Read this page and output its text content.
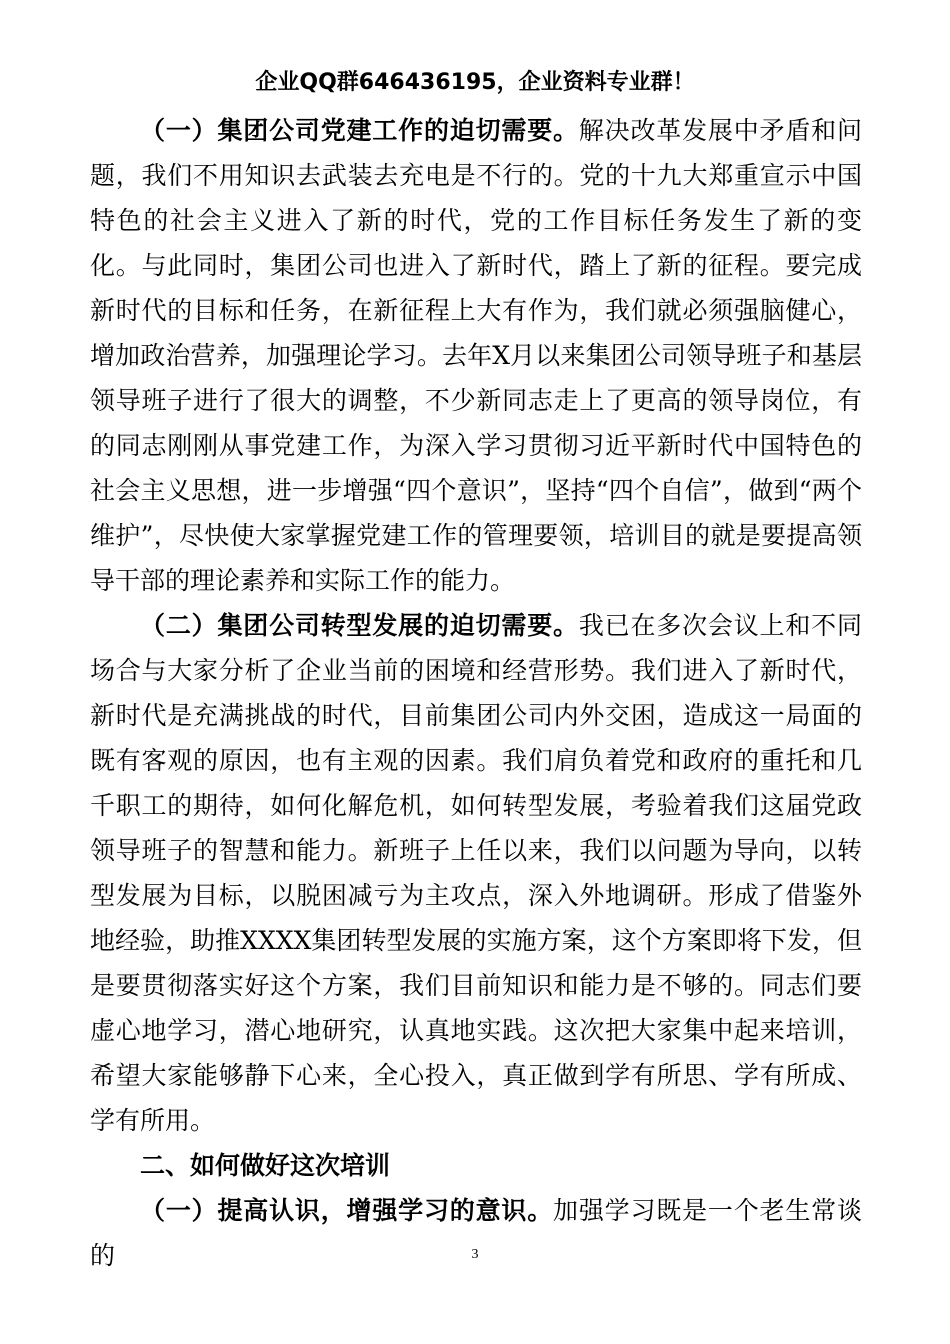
企业QQ群646436195，企业资料专业群！

（一）集团公司党建工作的迫切需要。解决改革发展中矛盾和问题，我们不用知识去武装去充电是不行的。党的十九大郑重宣示中国特色的社会主义进入了新的时代，党的工作目标任务发生了新的变化。与此同时，集团公司也进入了新时代，踏上了新的征程。要完成新时代的目标和任务，在新征程上大有作为，我们就必须强脑健心，增加政治营养，加强理论学习。去年X月以来集团公司领导班子和基层领导班子进行了很大的调整，不少新同志走上了更高的领导岗位，有的同志刚刚从事党建工作，为深入学习贯彻习近平新时代中国特色的社会主义思想，进一步增强“四个意识”，坚持“四个自信”，做到“两个维护”，尽快使大家掌握党建工作的管理要领，培训目的就是要提高领导干部的理论素养和实际工作的能力。

（二）集团公司转型发展的迫切需要。我已在多次会议上和不同场合与大家分析了企业当前的困境和经营形势。我们进入了新时代，新时代是充满挑战的时代，目前集团公司内外交困，造成这一局面的既有客观的原因，也有主观的因素。我们肩负着党和政府的重托和几千职工的期待，如何化解危机，如何转型发展，考验着我们这届党政领导班子的智慧和能力。新班子上任以来，我们以问题为导向，以转型发展为目标，以脱困减亏为主攻点，深入外地调研。形成了借鉴外地经验，助推XXXX集团转型发展的实施方案，这个方案即将下发，但是要贯彻落实好这个方案，我们目前知识和能力是不够的。同志们要虚心地学习，潜心地研究，认真地实践。这次把大家集中起来培训，希望大家能够静下心来，全心投入，真正做到学有所思、学有所成、学有所用。

二、如何做好这次培训

（一）提高认识，增强学习的意识。加强学习既是一个老生常谈的	3
